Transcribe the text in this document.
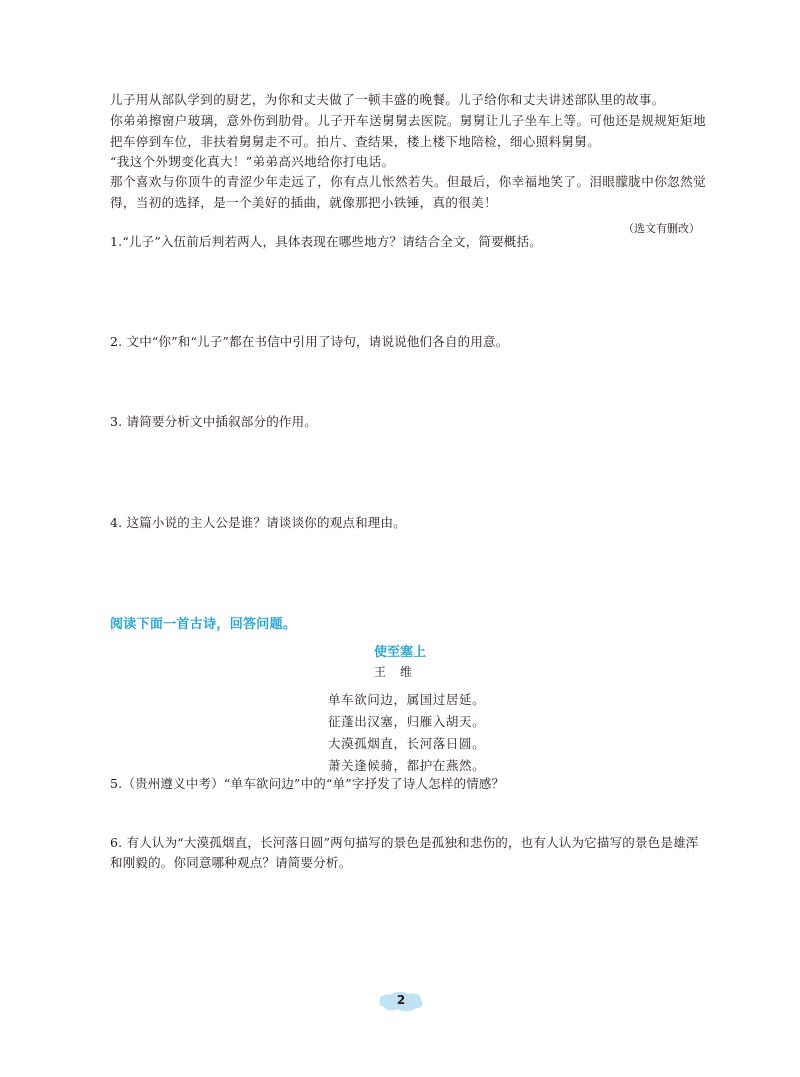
儿子用从部队学到的厨艺，为你和丈夫做了一顿丰盛的晚餐。儿子给你和丈夫讲述部队里的故事。

你弟弟擦窗户玻璃，意外伤到肋骨。儿子开车送舅舅去医院。舅舅让儿子坐车上等。可他还是规规矩矩地把车停到车位，非扶着舅舅走不可。拍片、查结果，楼上楼下地陪检，细心照料舅舅。

“我这个外甥变化真大！”弟弟高兴地给你打电话。

那个喜欢与你顶牛的青涩少年走远了，你有点儿怅然若失。但最后，你幸福地笑了。泪眼朦胧中你忽然觉得，当初的选择，是一个美好的插曲，就像那把小铁锤，真的很美！

（选文有删改）

1.“儿子”入伍前后判若两人，具体表现在哪些地方？请结合全文，简要概括。

2. 文中“你”和“儿子”都在书信中引用了诗句，请说说他们各自的用意。

3. 请简要分析文中插叙部分的作用。

4. 这篇小说的主人公是谁？请谈谈你的观点和理由。

阅读下面一首古诗，回答问题。

使至塞上

王维

单车欲问边，属国过居延。

征蓬出汉塞，归雁入胡天。

大漠孤烟直，长河落日圆。

萧关逢候骑，都护在燕然。

5.（贵州遵义中考）“单车欲问边”中的“单”字抒发了诗人怎样的情感？

6. 有人认为“大漠孤烟直，长河落日圆”两句描写的景色是孤独和悲伤的，也有人认为它描写的景色是雄浑和刚毅的。你同意哪种观点？请简要分析。

2
